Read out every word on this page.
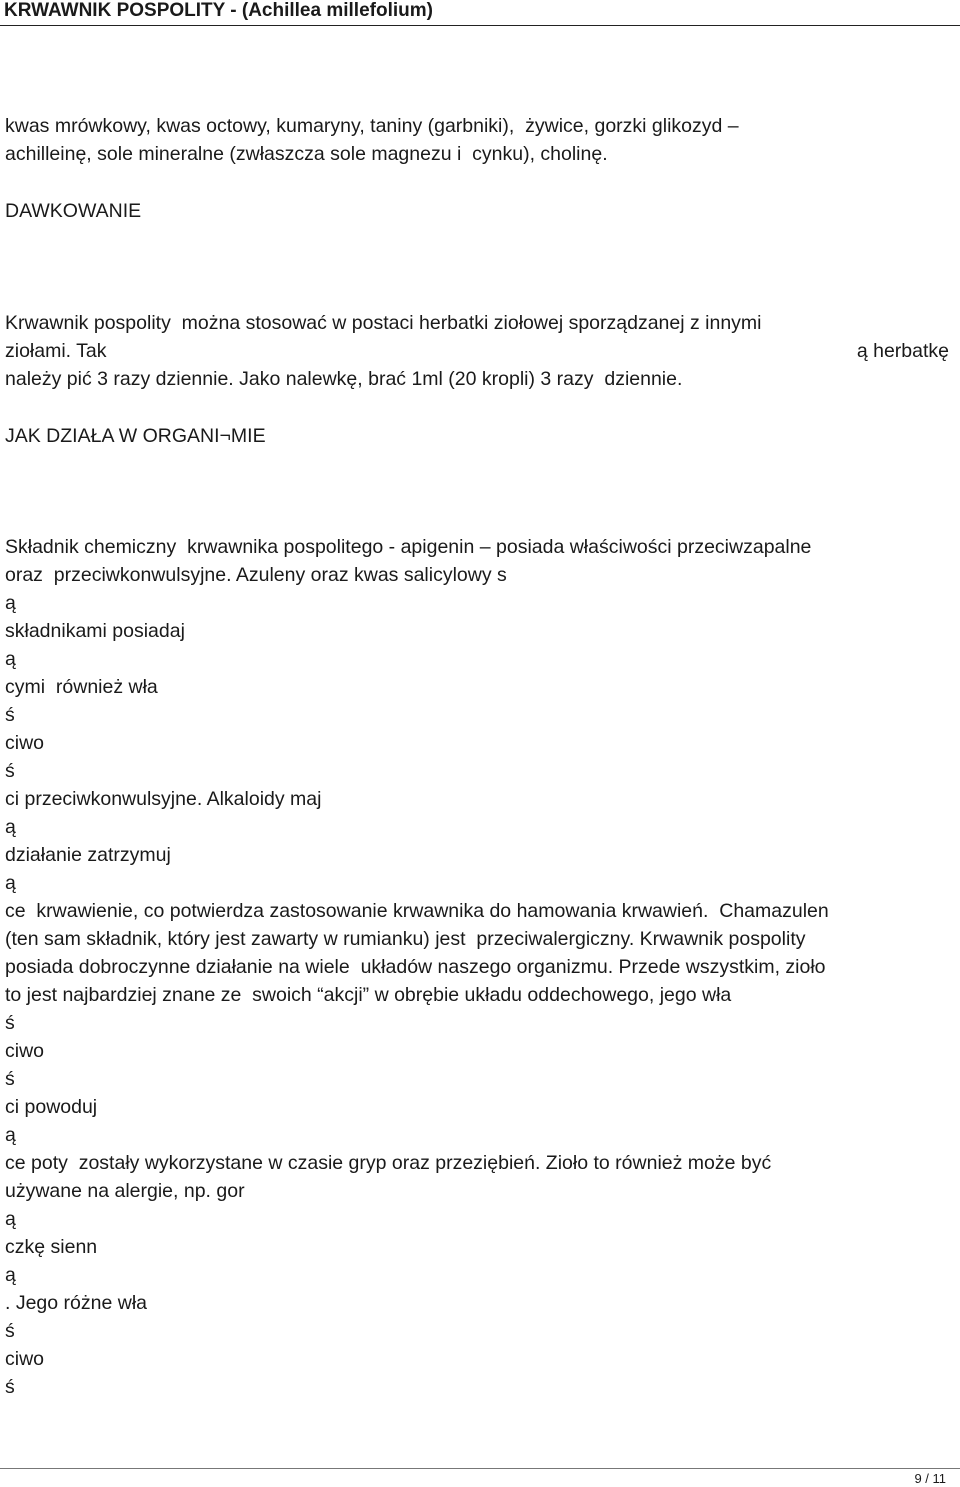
KRWAWNIK POSPOLITY - (Achillea millefolium)
kwas mrówkowy, kwas octowy, kumaryny, taniny (garbniki),  żywice, gorzki glikozyd –
achilleinę, sole mineralne (zwłaszcza sole magnezu i  cynku), cholinę.
DAWKOWANIE
Krwawnik pospolity  można stosować w postaci herbatki ziołowej sporządzanej z innymi
ziołami. Tak	ą herbatkę
należy pić 3 razy dziennie. Jako nalewkę, brać 1ml (20 kropli) 3 razy  dziennie.
JAK DZIAŁA W ORGANI¬MIE
Składnik chemiczny  krwawnika pospolitego - apigenin – posiada właściwości przeciwzapalne
oraz  przeciwkonwulsyjne. Azuleny oraz kwas salicylowy s
ą
składnikami posiadaj
ą
cymi  również wła
ś
ciwo
ś
ci przeciwkonwulsyjne. Alkaloidy maj
ą
działanie zatrzymuj
ą
ce  krwawienie, co potwierdza zastosowanie krwawnika do hamowania krwawień.  Chamazulen
(ten sam składnik, który jest zawarty w rumianku) jest  przeciwalergiczny. Krwawnik pospolity
posiada dobroczynne działanie na wiele  układów naszego organizmu. Przede wszystkim, zioło
to jest najbardziej znane ze  swoich “akcji” w obrębie układu oddechowego, jego wła
ś
ciwo
ś
ci powoduj
ą
ce poty  zostały wykorzystane w czasie gryp oraz przeziębień. Zioło to również może być
używane na alergie, np. gor
ą
czkę sienn
ą
. Jego różne wła
ś
ciwo
ś
9 / 11
